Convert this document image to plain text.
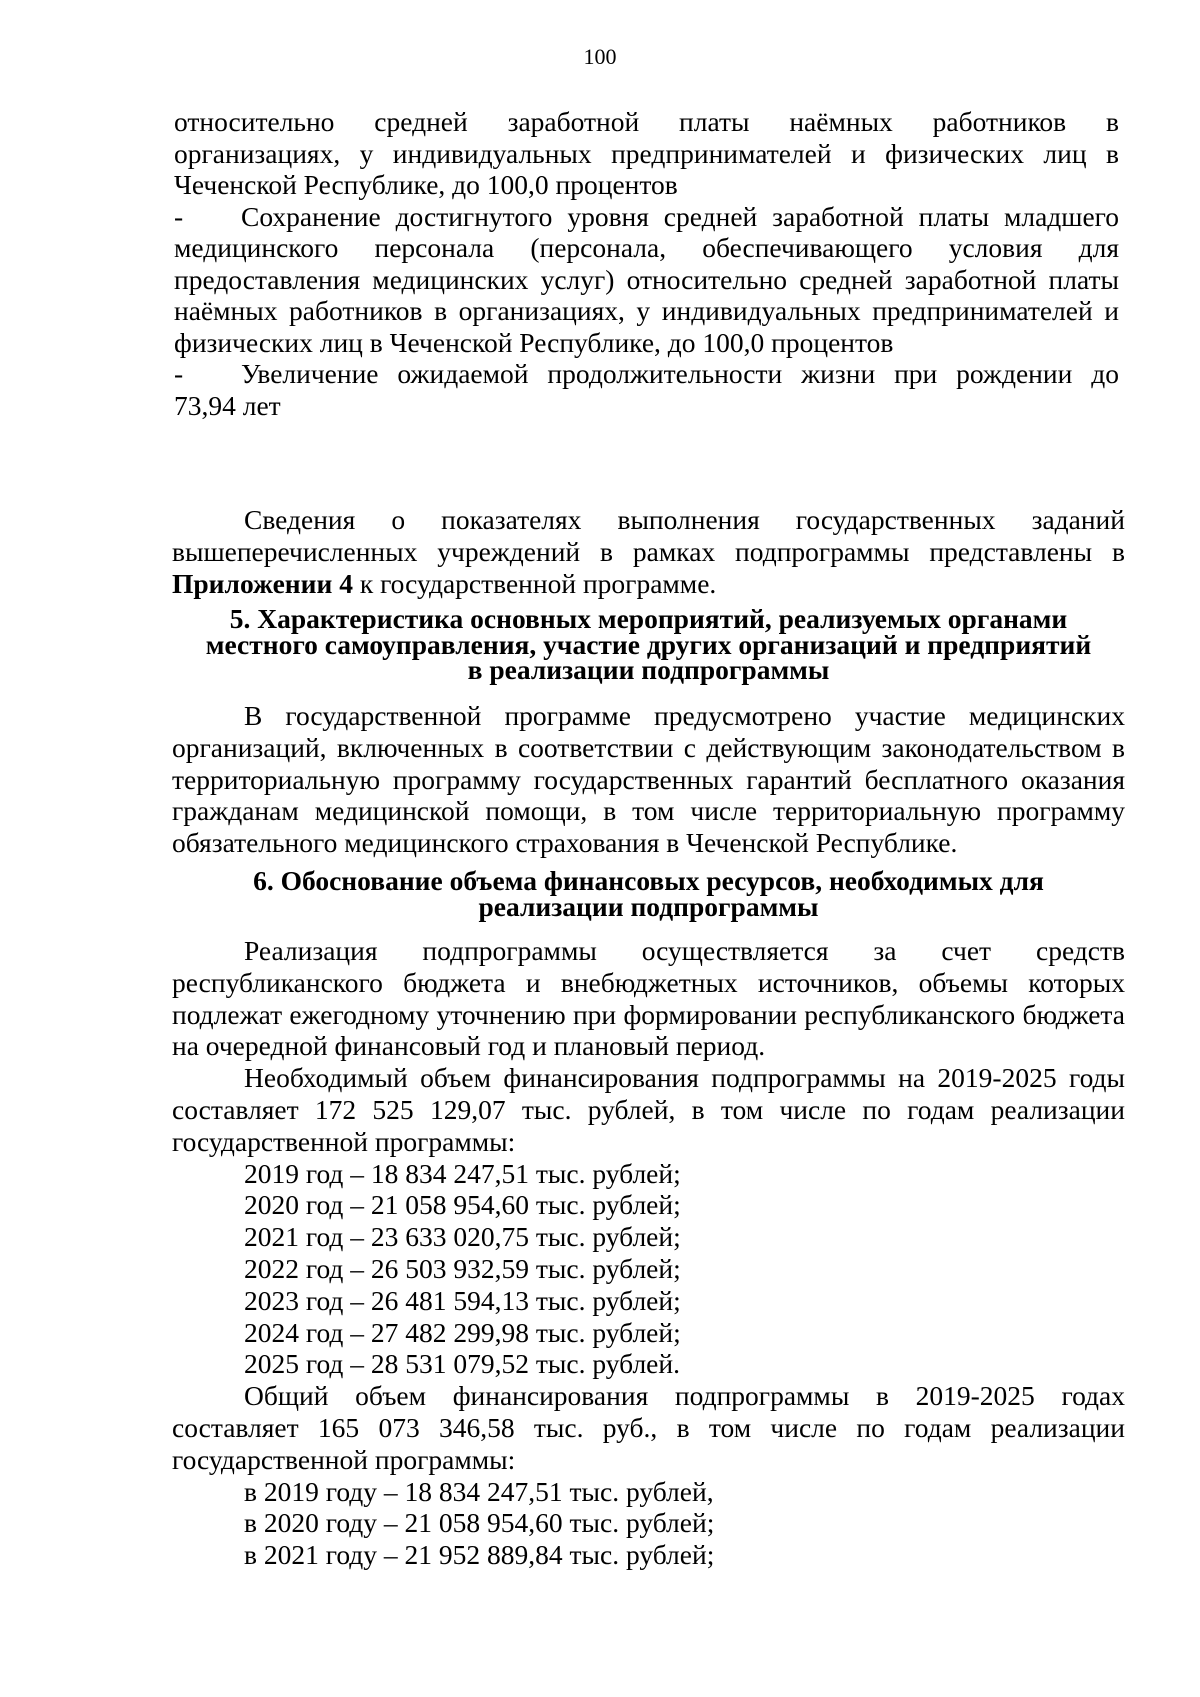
100

относительно средней заработной платы наёмных работников в

организациях, у индивидуальных предпринимателей и физических лиц в

Чеченской Республике, до 100,0 процентов

-	Сохранение достигнутого уровня средней заработной платы младшего

медицинского персонала (персонала, обеспечивающего условия для предоставления медицинских услуг) относительно средней заработной платы наёмных работников в организациях, у индивидуальных предпринимателей и физических лиц в Чеченской Республике, до 100,0 процентов

-	Увеличение ожидаемой продолжительности жизни при рождении до

73,94 лет

Сведения о показателях выполнения государственных заданий вышеперечисленных учреждений в рамках подпрограммы представлены в Приложении 4 к государственной программе.

5. Характеристика основных мероприятий, реализуемых органами
местного самоуправления, участие других организаций и предприятий
в реализации подпрограммы

В государственной программе предусмотрено участие медицинских организаций, включенных в соответствии с действующим законодательством в территориальную программу государственных гарантий бесплатного оказания гражданам медицинской помощи, в том числе территориальную программу обязательного медицинского страхования в Чеченской Республике.

6. Обоснование объема финансовых ресурсов, необходимых для
реализации подпрограммы

Реализация подпрограммы осуществляется за счет средств республиканского бюджета и внебюджетных источников, объемы которых подлежат ежегодному уточнению при формировании республиканского бюджета на очередной финансовый год и плановый период.

Необходимый объем финансирования подпрограммы на 2019-2025 годы составляет 172 525 129,07 тыс. рублей, в том числе по годам реализации государственной программы:

2019 год – 18 834 247,51 тыс. рублей;

2020 год – 21 058 954,60 тыс. рублей;

2021 год – 23 633 020,75 тыс. рублей;

2022 год – 26 503 932,59 тыс. рублей;

2023 год – 26 481 594,13 тыс. рублей;

2024 год – 27 482 299,98 тыс. рублей;

2025 год – 28 531 079,52 тыс. рублей.

Общий объем финансирования подпрограммы в 2019-2025 годах составляет 165 073 346,58 тыс. руб., в том числе по годам реализации государственной программы:

в 2019 году – 18 834 247,51 тыс. рублей,

в 2020 году – 21 058 954,60 тыс. рублей;

в 2021 году – 21 952 889,84 тыс. рублей;
